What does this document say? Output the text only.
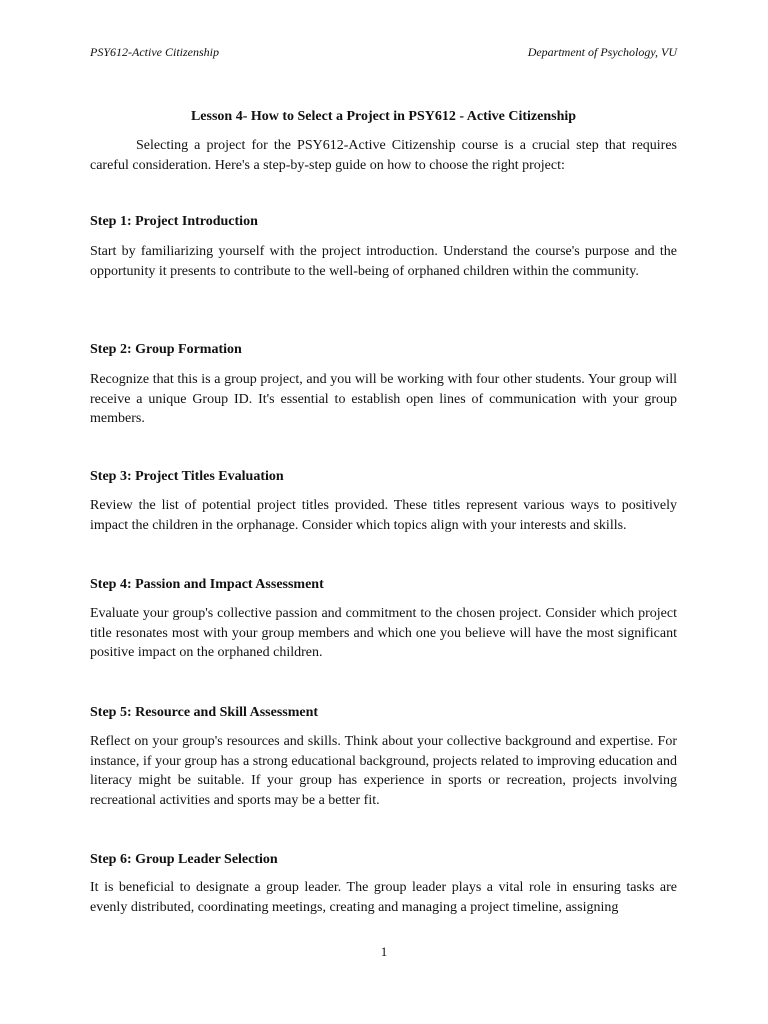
PSY612-Active Citizenship	Department of Psychology, VU
Lesson 4- How to Select a Project in PSY612 - Active Citizenship

Selecting a project for the PSY612-Active Citizenship course is a crucial step that requires careful consideration. Here's a step-by-step guide on how to choose the right project:

Step 1: Project Introduction

Start by familiarizing yourself with the project introduction. Understand the course's purpose and the opportunity it presents to contribute to the well-being of orphaned children within the community.

Step 2: Group Formation

Recognize that this is a group project, and you will be working with four other students. Your group will receive a unique Group ID. It's essential to establish open lines of communication with your group members.

Step 3: Project Titles Evaluation

Review the list of potential project titles provided. These titles represent various ways to positively impact the children in the orphanage. Consider which topics align with your interests and skills.

Step 4: Passion and Impact Assessment

Evaluate your group's collective passion and commitment to the chosen project. Consider which project title resonates most with your group members and which one you believe will have the most significant positive impact on the orphaned children.

Step 5: Resource and Skill Assessment

Reflect on your group's resources and skills. Think about your collective background and expertise. For instance, if your group has a strong educational background, projects related to improving education and literacy might be suitable. If your group has experience in sports or recreation, projects involving recreational activities and sports may be a better fit.

Step 6: Group Leader Selection

It is beneficial to designate a group leader. The group leader plays a vital role in ensuring tasks are evenly distributed, coordinating meetings, creating and managing a project timeline, assigning

1
